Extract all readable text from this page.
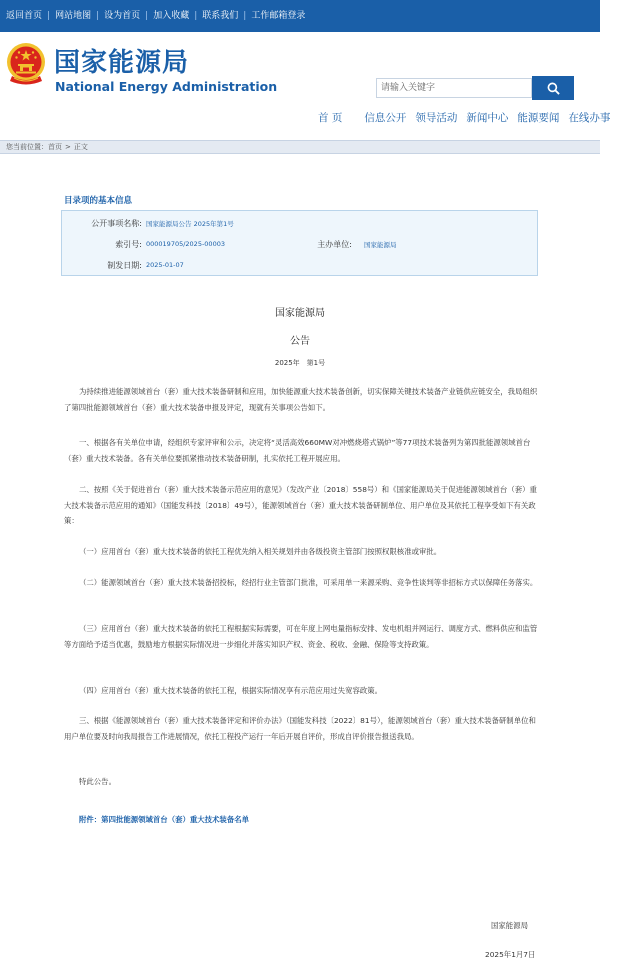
返回首页 | 网站地图 | 设为首页 | 加入收藏 | 联系我们 | 工作邮箱登录
国家能源局
National Energy Administration	请输入关键字
首 页 信息公开 领导活动 新闻中心 能源要闻 在线办事
您当前位置： 首页 > 正文
目录项的基本信息
公开事项名称: 国家能源局公告 2025年第1号
索引号: 000019705/2025-00003	主办单位: 国家能源局
制发日期: 2025-01-07
国家能源局
公告
2025年　第1号

为持续推进能源领域首台（套）重大技术装备研制和应用，加快能源重大技术装备创新，切实保障关键技术装备产业链供应链安全，我局组织了第四批能源领域首台（套）重大技术装备申报及评定，现就有关事项公告如下。

一、根据各有关单位申请，经组织专家评审和公示，决定将“灵活高效660MW对冲燃烧塔式锅炉”等77项技术装备列为第四批能源领域首台（套）重大技术装备。各有关单位要抓紧推动技术装备研制，扎实依托工程开展应用。

二、按照《关于促进首台（套）重大技术装备示范应用的意见》（发改产业〔2018〕558号）和《国家能源局关于促进能源领域首台（套）重大技术装备示范应用的通知》（国能发科技〔2018〕49号），能源领域首台（套）重大技术装备研制单位、用户单位及其依托工程享受如下有关政策：

（一）应用首台（套）重大技术装备的依托工程优先纳入相关规划并由各级投资主管部门按照权限核准或审批。

（二）能源领域首台（套）重大技术装备招投标，经招行业主管部门批准，可采用单一来源采购、竞争性谈判等非招标方式以保障任务落实。

（三）应用首台（套）重大技术装备的依托工程根据实际需要，可在年度上网电量指标安排、发电机组并网运行、调度方式、燃料供应和监管等方面给予适当优惠，鼓励地方根据实际情况进一步细化并落实知识产权、资金、税收、金融、保险等支持政策。

（四）应用首台（套）重大技术装备的依托工程，根据实际情况享有示范应用过失宽容政策。

三、根据《能源领域首台（套）重大技术装备评定和评价办法》（国能发科技〔2022〕81号），能源领域首台（套）重大技术装备研制单位和用户单位要及时向我局报告工作进展情况，依托工程投产运行一年后开展自评价，形成自评价报告报送我局。

特此公告。

附件：第四批能源领域首台（套）重大技术装备名单
国家能源局
2025年1月7日
